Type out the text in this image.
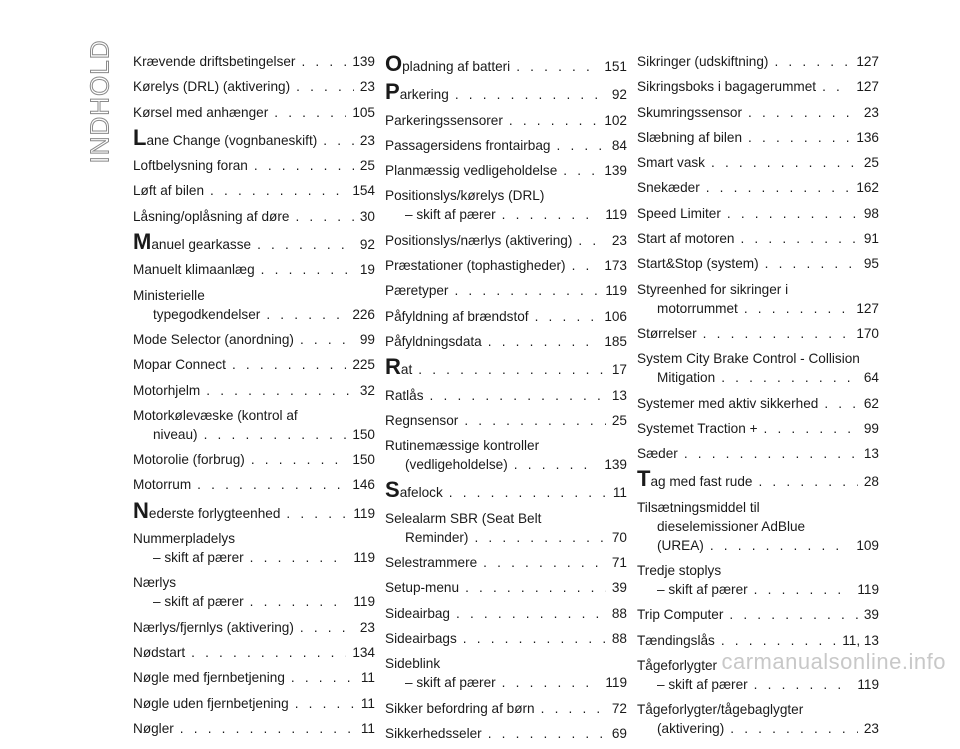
INDHOLD Krævende driftsbetingelser . . .	139
Kørelys (DRL) (aktivering) . . .	23
Kørsel med anhænger . . .	105
Lane Change (vognbaneskift) . . .	23
Loftbelysning foran . . .	25
Løft af bilen . . .	154
Låsning/oplåsning af døre . . .	30
Manuel gearkasse . . .	92
Manuelt klimaanlæg . . .	19
Ministerielle
typegodkendelser . . .	226
Mode Selector (anordning) . . .	99
Mopar Connect . . .	225
Motorhjelm . . .	32
Motorkølevæske (kontrol af
niveau) . . .	150
Motorolie (forbrug) . . .	150
Motorrum . . .	146
Nederste forlygteenhed . . .	119
Nummerpladelys
– skift af pærer . . .	119
Nærlys
– skift af pærer . . .	119
Nærlys/fjernlys (aktivering) . . .	23
Nødstart . . .	134
Nøgle med fjernbetjening . . .	11
Nøgle uden fjernbetjening . . .	11
Nøgler . . .	11
Opladning af batteri . . .	151
Parkering . . .	92
Parkeringssensorer . . .	102
Passagersidens frontairbag . . .	84
Planmæssig vedligeholdelse . . .	139
Positionslys/kørelys (DRL)
– skift af pærer . . .	119
Positionslys/nærlys (aktivering) . . .	23
Præstationer (tophastigheder) . . .	173
Pæretyper . . .	119
Påfyldning af brændstof . . .	106
Påfyldningsdata . . .	185
Rat . . .	17
Ratlås . . .	13
Regnsensor . . .	25
Rutinemæssige kontroller
(vedligeholdelse) . . .	139
Safelock . . .	11
Selealarm SBR (Seat Belt
Reminder) . . .	70
Selestrammere . . .	71
Setup-menu . . .	39
Sideairbag . . .	88
Sideairbags . . .	88
Sideblink
– skift af pærer . . .	119
Sikker befordring af børn . . .	72
Sikkerhedsseler . . .	69
Sikringer (udskiftning) . . .	127
Sikringsboks i bagagerummet . . .	127
Skumringssensor . . .	23
Slæbning af bilen . . .	136
Smart vask . . .	25
Snekæder . . .	162
Speed Limiter . . .	98
Start af motoren . . .	91
Start&Stop (system) . . .	95
Styreenhed for sikringer i
motorrummet . . .	127
Størrelser . . .	170
System City Brake Control - Collision
Mitigation . . .	64
Systemer med aktiv sikkerhed . . .	62
Systemet Traction + . . .	99
Sæder . . .	13
Tag med fast rude . . .	28
Tilsætningsmiddel til
dieselemissioner AdBlue
(UREA) . . .	109
Tredje stoplys
– skift af pærer . . .	119
Trip Computer . . .	39
Tændingslås . . .	11, 13
Tågeforlygter
– skift af pærer . . .	119
Tågeforlygter/tågebaglygter
(aktivering) . . .	23
carmanualsonline.info
